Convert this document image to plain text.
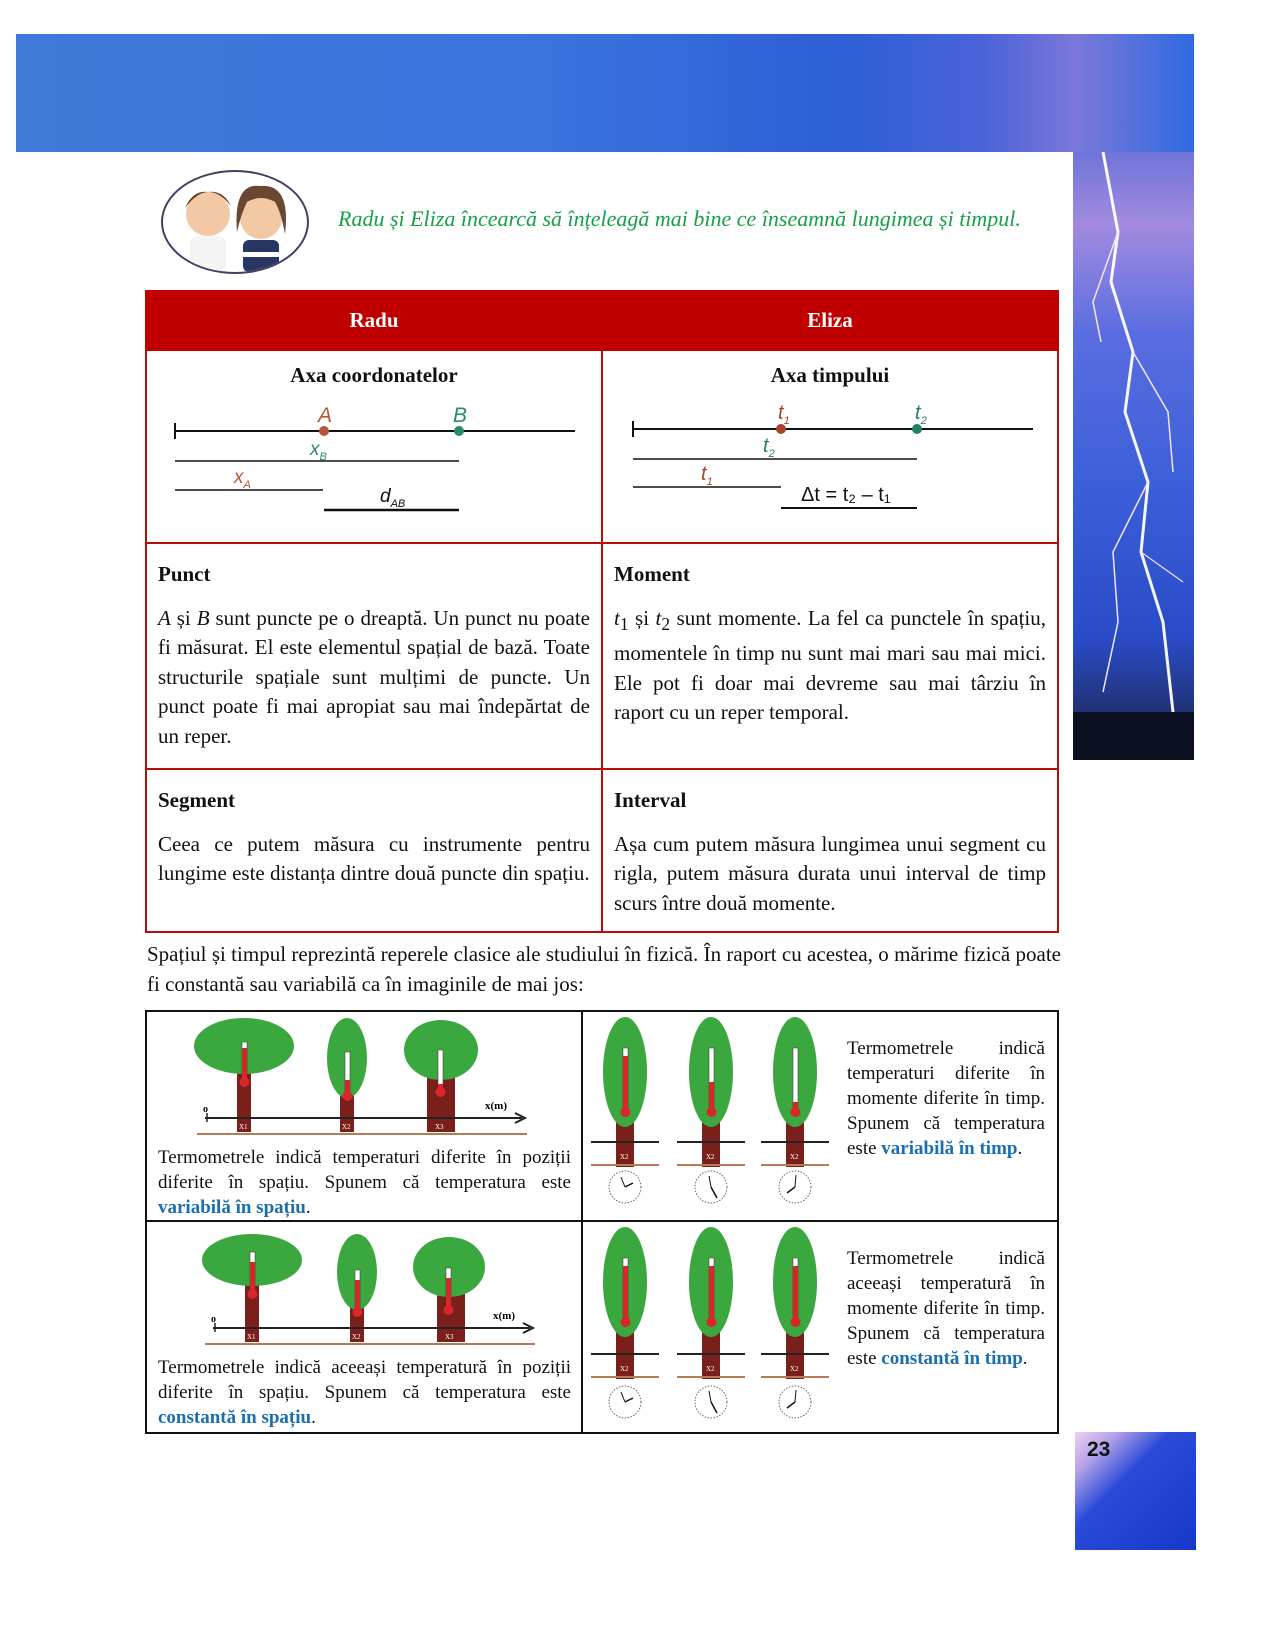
Radu și Eliza încearcă să înțeleagă mai bine ce înseamnă lungimea și timpul.
Radu	Eliza

Axa coordonatelor
A	B
$x_B$
$x_A$
$d_{AB}$

Axa timpului
$t_1$	$t_2$
$t_2$
$t_1$
Δt = t₂ – t₁

Punct
A și B sunt puncte pe o dreaptă. Un punct nu poate fi măsurat. El este elementul spațial de bază. Toate structurile spațiale sunt mulțimi de puncte. Un punct poate fi mai apropiat sau mai îndepărtat de un reper.

Moment
$t_1$ și $t_2$ sunt momente. La fel ca punctele în spațiu, momentele în timp nu sunt mai mari sau mai mici. Ele pot fi doar mai devreme sau mai târziu în raport cu un reper temporal.

Segment
Ceea ce putem măsura cu instrumente pentru lungime este distanța dintre două puncte din spațiu.

Interval
Așa cum putem măsura lungimea unui segment cu rigla, putem măsura durata unui interval de timp scurs între două momente.
Spațiul și timpul reprezintă reperele clasice ale studiului în fizică. În raport cu acestea, o mărime fizică poate fi constantă sau variabilă ca în imaginile de mai jos:
o	x(m)
X1	X2	X3
Termometrele indică temperaturi diferite în poziții diferite în spațiu. Spunem că temperatura este variabilă în spațiu.

X2	X2	X2
Termometrele indică temperaturi diferite în momente diferite în timp. Spunem că temperatura este variabilă în timp.

o	x(m)
X1	X2	X3
Termometrele indică aceeași temperatură în poziții diferite în spațiu. Spunem că temperatura este constantă în spațiu.

X2	X2	X2
Termometrele indică aceeași temperatură în momente diferite în timp. Spunem că temperatura este constantă în timp.
23
